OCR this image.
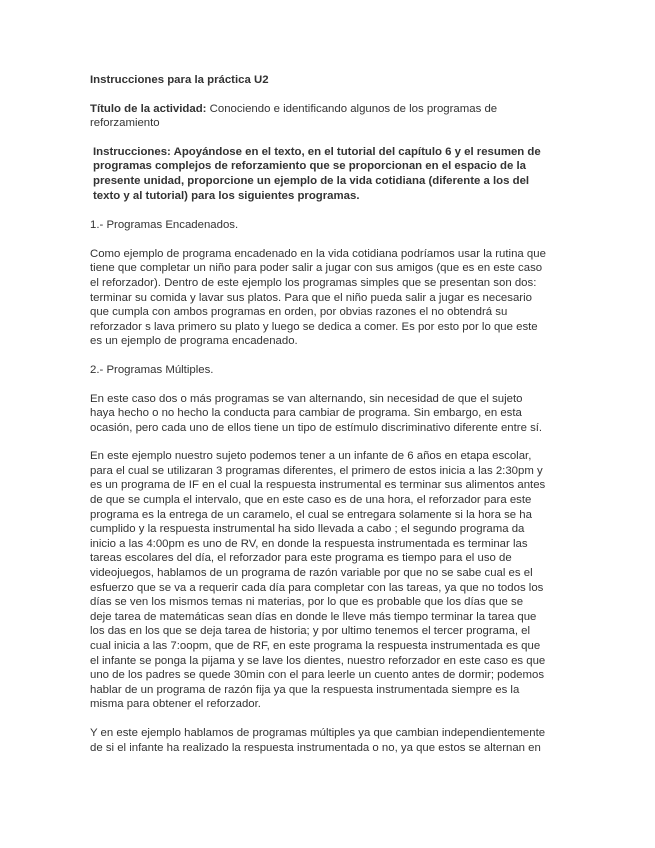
Instrucciones para la práctica U2

Título de la actividad: Conociendo e identificando algunos de los programas de
reforzamiento

Instrucciones: Apoyándose en el texto, en el tutorial del capítulo 6 y el resumen de
programas complejos de reforzamiento que se proporcionan en el espacio de la
presente unidad, proporcione un ejemplo de la vida cotidiana (diferente a los del
texto y al tutorial) para los siguientes programas.

1.- Programas Encadenados.

Como ejemplo de programa encadenado en la vida cotidiana podríamos usar la rutina que
tiene que completar un niño para poder salir a jugar con sus amigos (que es en este caso
el reforzador). Dentro de este ejemplo los programas simples que se presentan son dos:
terminar su comida y lavar sus platos. Para que el niño pueda salir a jugar es necesario
que cumpla con ambos programas en orden, por obvias razones el no obtendrá su
reforzador s lava primero su plato y luego se dedica a comer. Es por esto por lo que este
es un ejemplo de programa encadenado.

2.- Programas Múltiples.

En este caso dos o más programas se van alternando, sin necesidad de que el sujeto
haya hecho o no hecho la conducta para cambiar de programa. Sin embargo, en esta
ocasión, pero cada uno de ellos tiene un tipo de estímulo discriminativo diferente entre sí.

En este ejemplo nuestro sujeto podemos tener a un infante de 6 años en etapa escolar,
para el cual se utilizaran 3 programas diferentes, el primero de estos inicia a las 2:30pm y
es un programa de IF en el cual la respuesta instrumental es terminar sus alimentos antes
de que se cumpla el intervalo, que en este caso es de una hora, el reforzador para este
programa es la entrega de un caramelo, el cual se entregara solamente si la hora se ha
cumplido y la respuesta instrumental ha sido llevada a cabo ; el segundo programa da
inicio a las 4:00pm es uno de RV, en donde la respuesta instrumentada es terminar las
tareas escolares del día, el reforzador para este programa es tiempo para el uso de
videojuegos, hablamos de un programa de razón variable por que no se sabe cual es el
esfuerzo que se va a requerir cada día para completar con las tareas, ya que no todos los
días se ven los mismos temas ni materias, por lo que es probable que los días que se
deje tarea de matemáticas sean días en donde le lleve más tiempo terminar la tarea que
los das en los que se deja tarea de historia; y por ultimo tenemos el tercer programa, el
cual inicia a las 7:oopm, que de RF, en este programa la respuesta instrumentada es que
el infante se ponga la pijama y se lave los dientes, nuestro reforzador en este caso es que
uno de los padres se quede 30min con el para leerle un cuento antes de dormir; podemos
hablar de un programa de razón fija ya que la respuesta instrumentada siempre es la
misma para obtener el reforzador.

Y en este ejemplo hablamos de programas múltiples ya que cambian independientemente
de si el infante ha realizado la respuesta instrumentada o no, ya que estos se alternan en
